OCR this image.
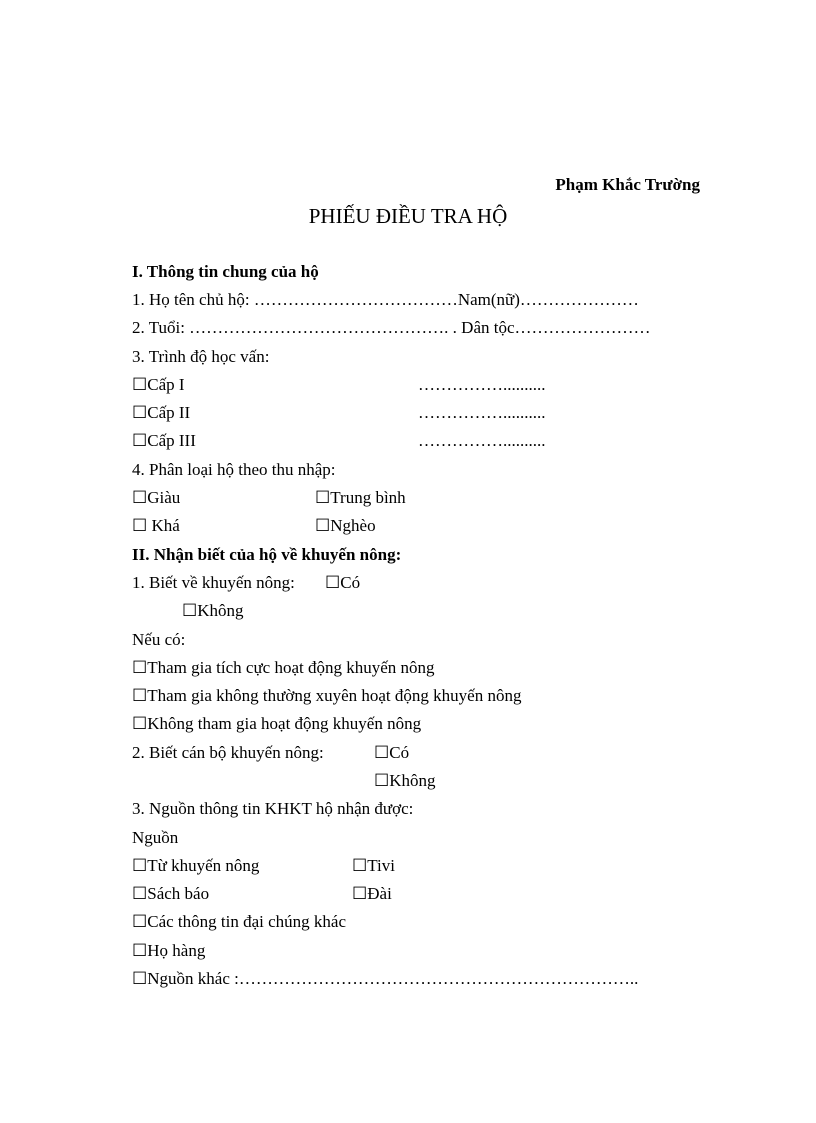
Phạm Khắc Trường
PHIẾU ĐIỀU TRA HỘ
I. Thông tin chung của hộ
1. Họ tên chủ hộ: ………………………………Nam(nữ)…………………
2. Tuổi: ………………………………………. . Dân tộc……………………
3. Trình độ học vấn:
☐Cấp I	……………..........
☐Cấp II	……………..........
☐Cấp III	……………..........
4. Phân loại hộ theo thu nhập:
☐Giàu	☐Trung bình
☐ Khá	☐Nghèo
II. Nhận biết của hộ về khuyến nông:
1. Biết về khuyến nông: ☐Có
☐Không
Nếu có:
☐Tham gia tích cực hoạt động khuyến nông
☐Tham gia không thường xuyên hoạt động khuyến nông
☐Không tham gia hoạt động khuyến nông
2. Biết cán bộ khuyến nông:	☐Có
☐Không
3. Nguồn thông tin KHKT hộ nhận được:
Nguồn
☐Từ khuyến nông	☐Tivi
☐Sách báo	☐Đài
☐Các thông tin đại chúng khác
☐Họ hàng
☐Nguồn khác :……………………………………………………………..
